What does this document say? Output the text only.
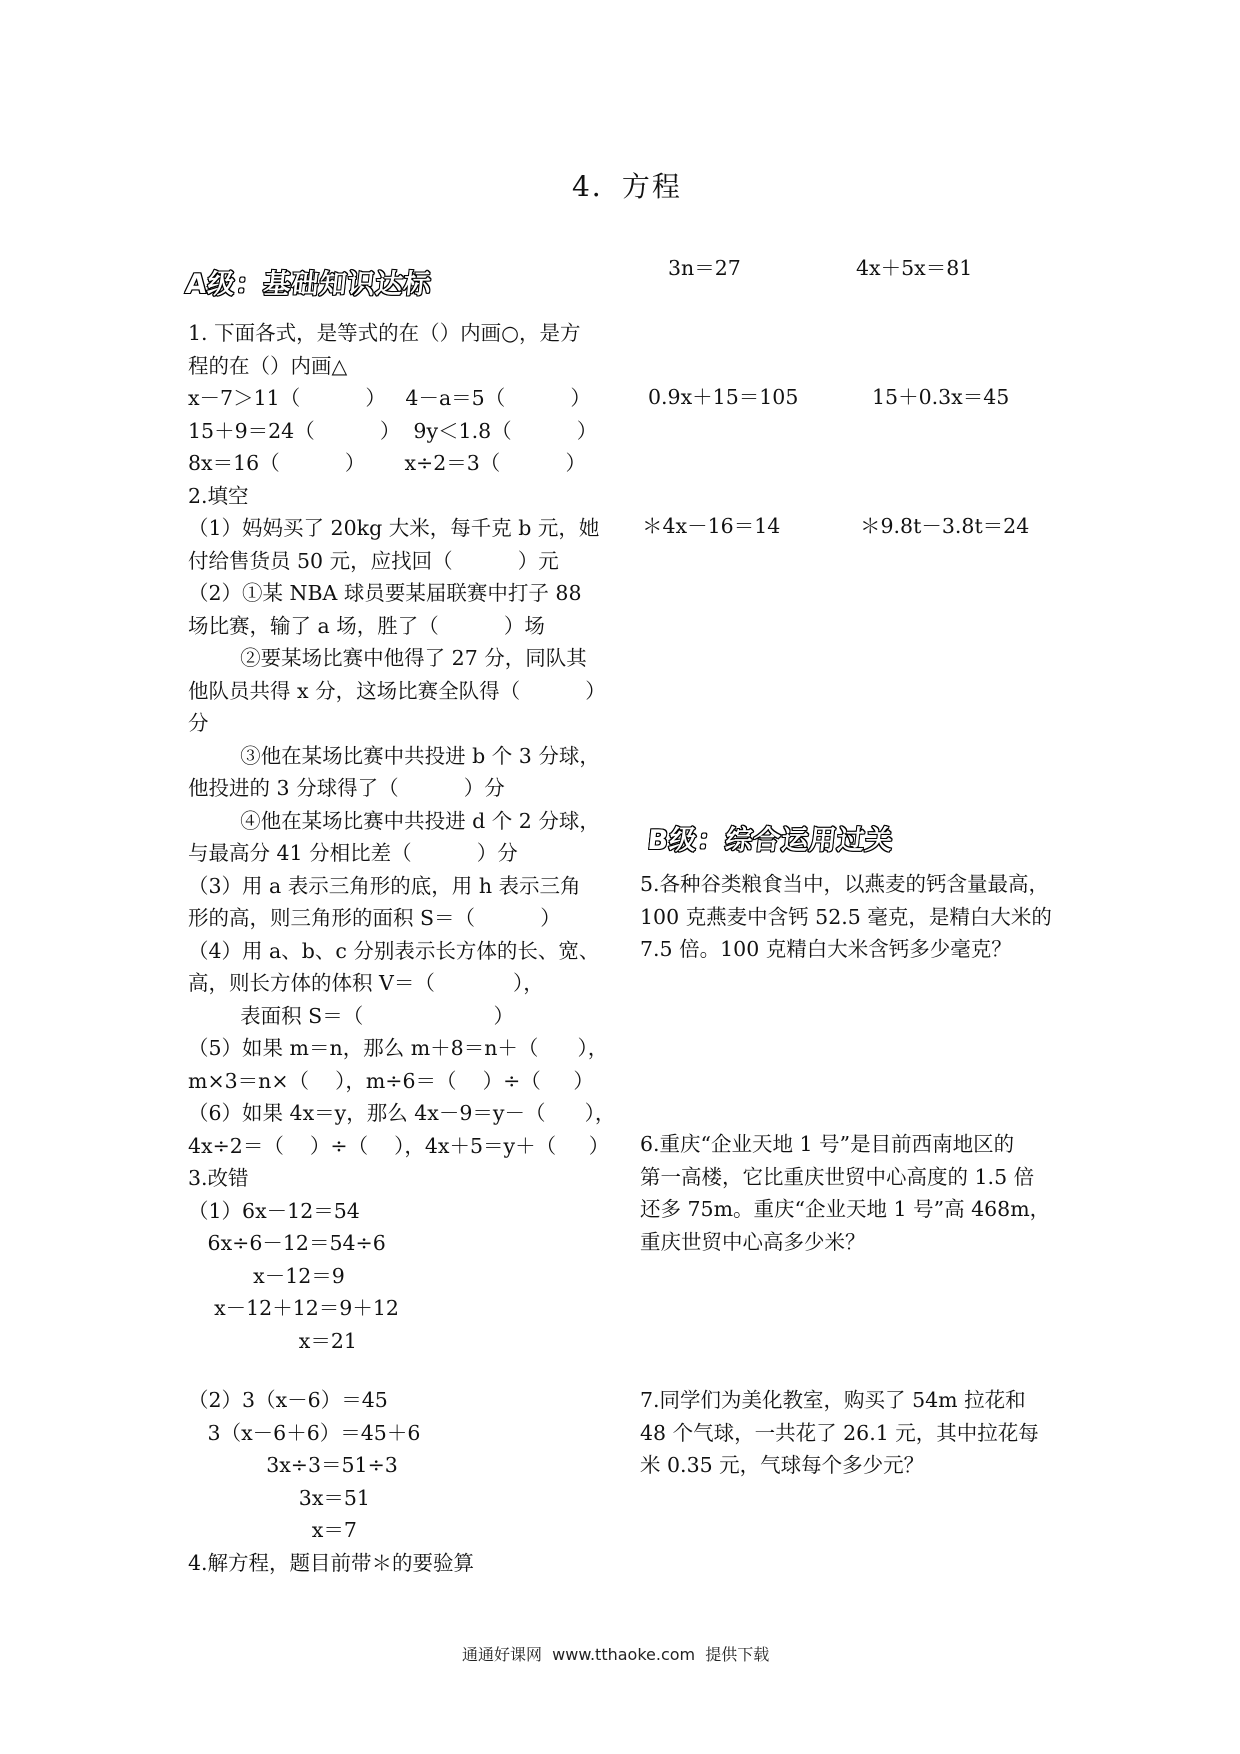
4．方程
A级：基础知识达标
1. 下面各式，是等式的在（）内画○，是方
程的在（）内画△
x－7＞11（          ）   4－a＝5（          ）
15＋9＝24（          ）  9y＜1.8（          ）
8x＝16（          ）      x÷2＝3（          ）
2.填空
（1）妈妈买了 20kg 大米，每千克 b 元，她
付给售货员 50 元，应找回（          ）元
（2）①某 NBA 球员要某届联赛中打子 88
场比赛，输了 a 场，胜了（          ）场
②要某场比赛中他得了 27 分，同队其
他队员共得 x 分，这场比赛全队得（          ）
分
③他在某场比赛中共投进 b 个 3 分球，
他投进的 3 分球得了（          ）分
④他在某场比赛中共投进 d 个 2 分球，
与最高分 41 分相比差（          ）分
（3）用 a 表示三角形的底，用 h 表示三角
形的高，则三角形的面积 S＝（          ）
（4）用 a、b、c 分别表示长方体的长、宽、
高，则长方体的体积 V＝（            ），
表面积 S＝（                    ）
（5）如果 m＝n，那么 m＋8＝n＋（      ），
m×3＝n×（    ），m÷6＝（    ）÷（     ）
（6）如果 4x＝y，那么 4x－9＝y－（      ），
4x÷2＝（    ）÷（    ），4x＋5＝y＋（     ）
3.改错
（1）6x－12＝54
6x÷6－12＝54÷6
x－12＝9
x－12＋12＝9＋12
x＝21
（2）3（x－6）＝45
3（x－6＋6）＝45＋6
3x÷3＝51÷3
3x＝51
x＝7
4.解方程，题目前带＊的要验算
3n＝27	4x＋5x＝81
0.9x＋15＝105	15＋0.3x＝45
＊4x－16＝14	＊9.8t－3.8t＝24
B级：综合运用过关
5.各种谷类粮食当中，以燕麦的钙含量最高，
100 克燕麦中含钙 52.5 毫克，是精白大米的
7.5 倍。100 克精白大米含钙多少毫克？
6.重庆“企业天地 1 号”是目前西南地区的
第一高楼，它比重庆世贸中心高度的 1.5 倍
还多 75m。重庆“企业天地 1 号”高 468m，
重庆世贸中心高多少米？
7.同学们为美化教室，购买了 54m 拉花和
48 个气球，一共花了 26.1 元，其中拉花每
米 0.35 元，气球每个多少元？
通通好课网  www.tthaoke.com  提供下载
